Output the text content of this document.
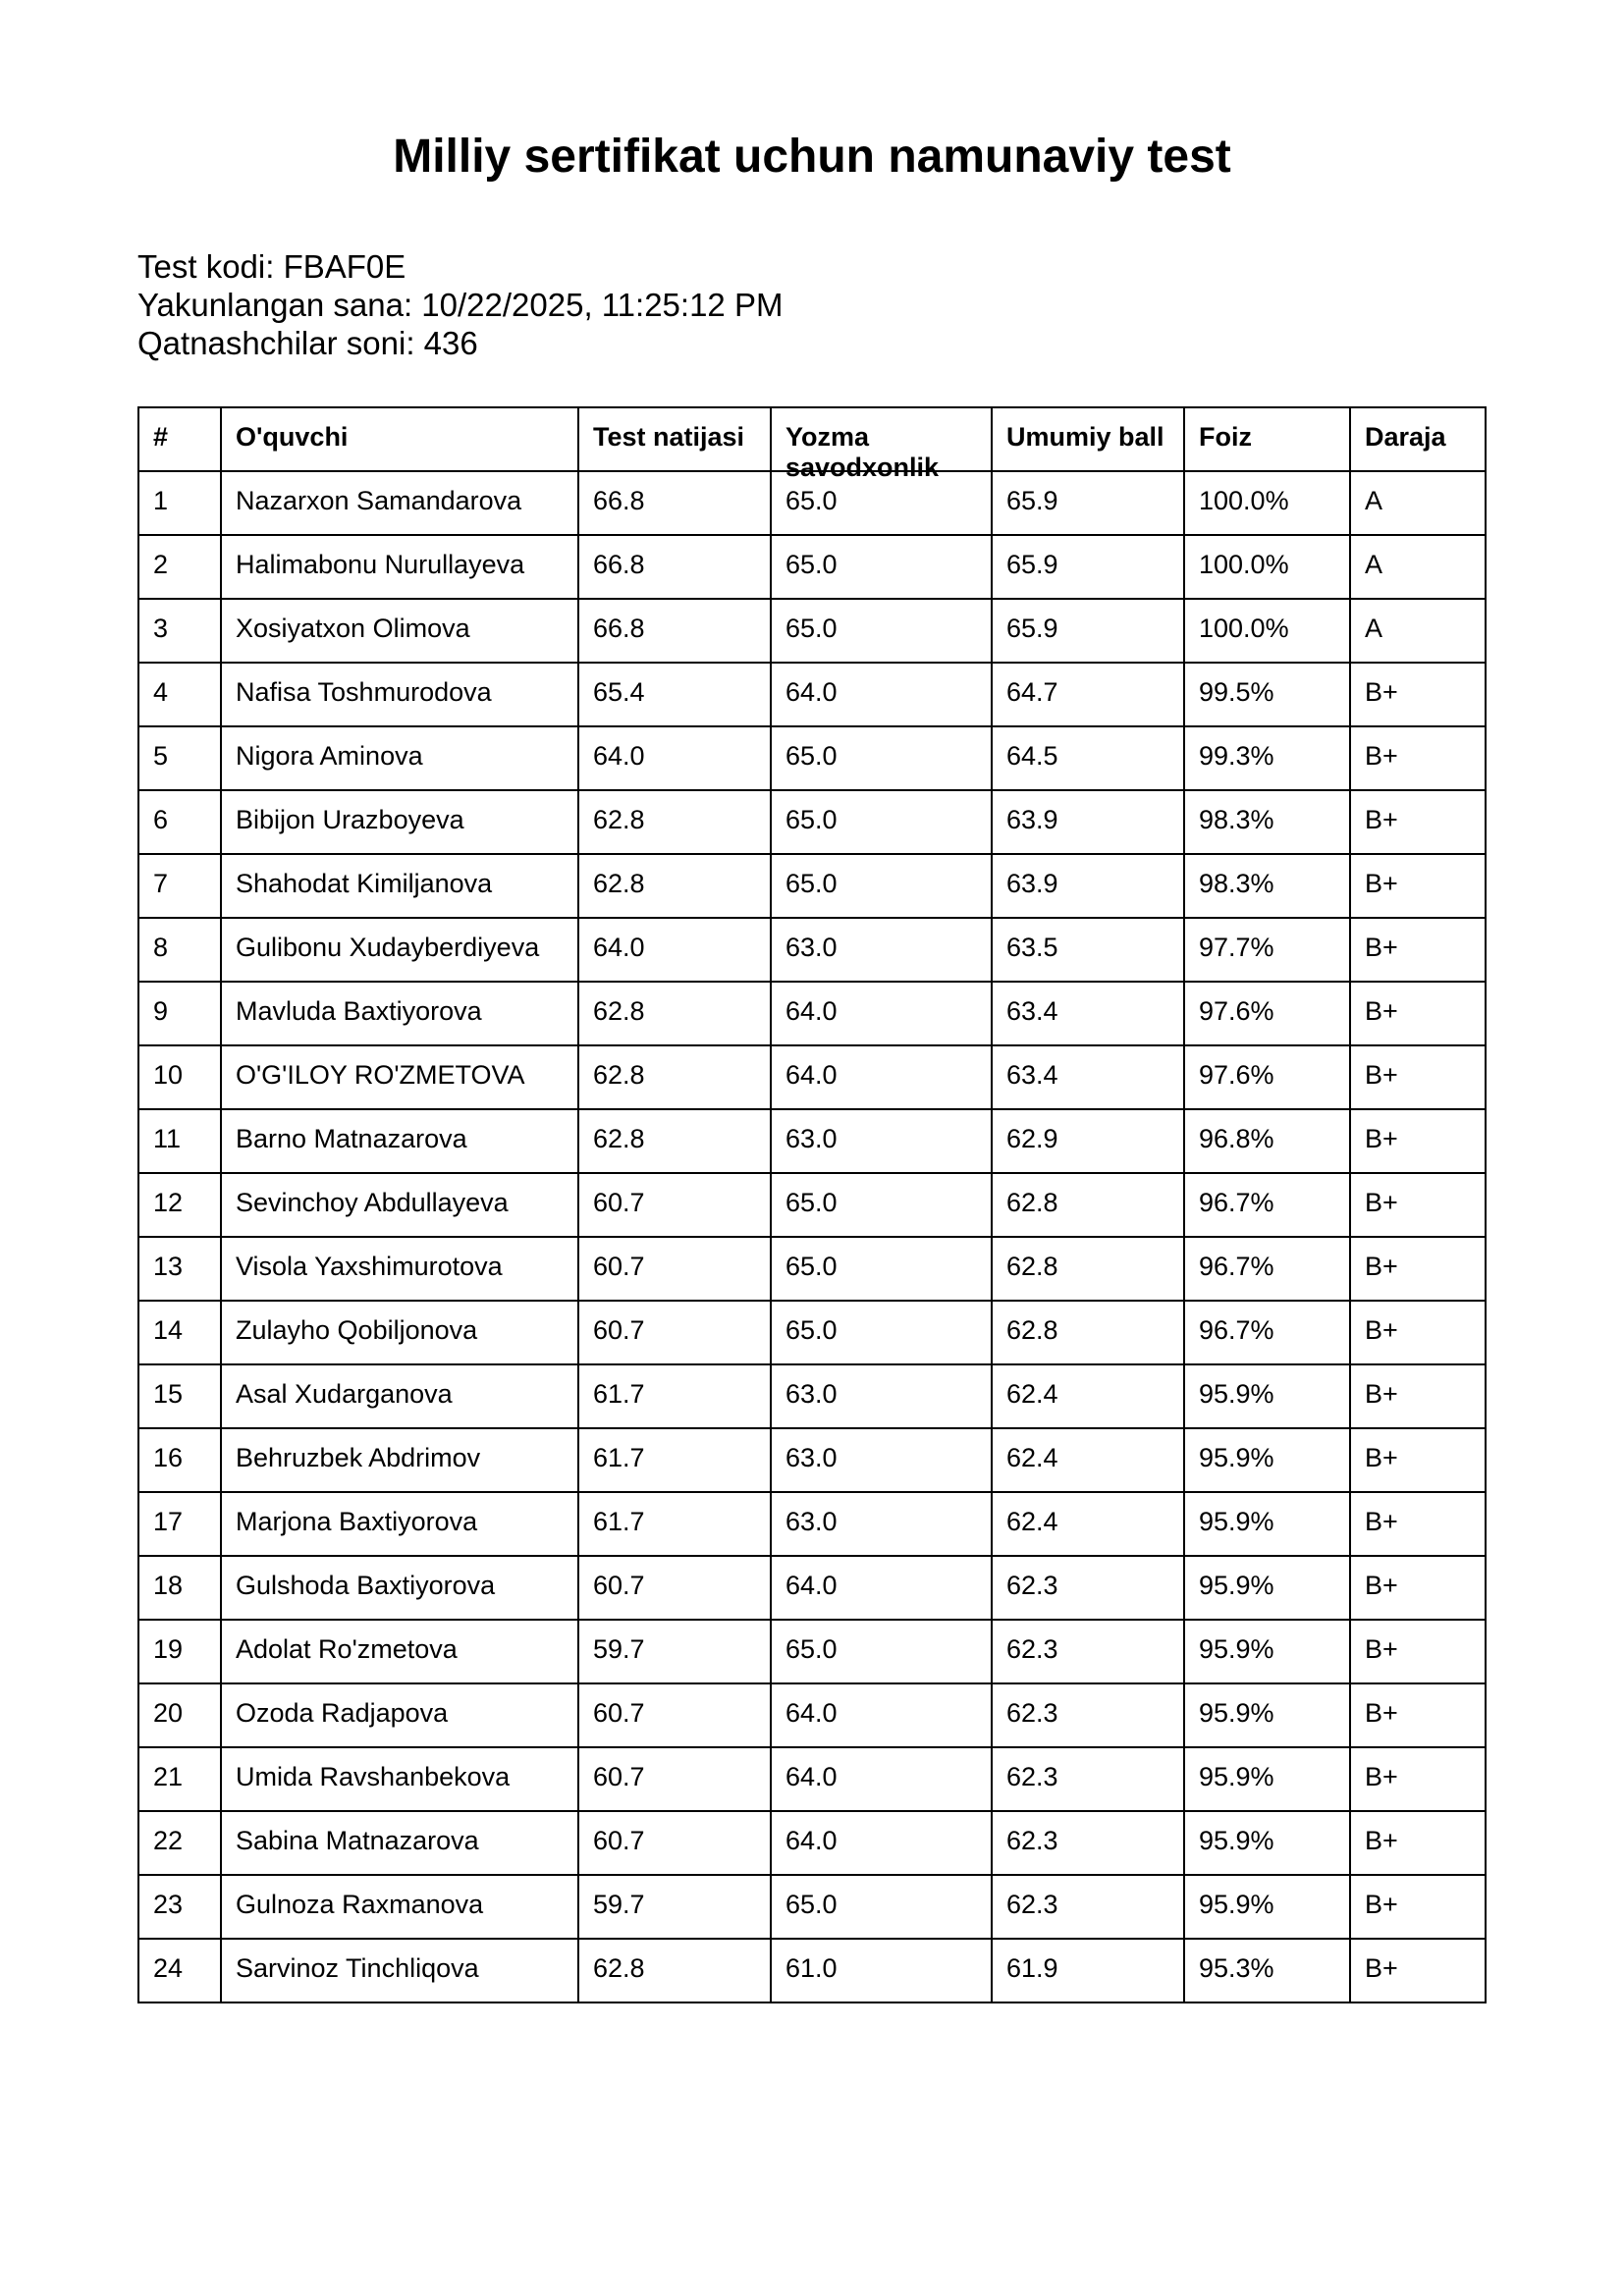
Milliy sertifikat uchun namunaviy test
Test kodi: FBAF0E
Yakunlangan sana: 10/22/2025, 11:25:12 PM
Qatnashchilar soni: 436
#	O'quvchi	Test natijasi	Yozma savodxonlik	Umumiy ball	Foiz	Daraja

1	Nazarxon Samandarova	66.8	65.0	65.9	100.0%	A
2	Halimabonu Nurullayeva	66.8	65.0	65.9	100.0%	A
3	Xosiyatxon Olimova	66.8	65.0	65.9	100.0%	A
4	Nafisa Toshmurodova	65.4	64.0	64.7	99.5%	B+
5	Nigora Aminova	64.0	65.0	64.5	99.3%	B+
6	Bibijon Urazboyeva	62.8	65.0	63.9	98.3%	B+
7	Shahodat Kimiljanova	62.8	65.0	63.9	98.3%	B+
8	Gulibonu Xudayberdiyeva	64.0	63.0	63.5	97.7%	B+
9	Mavluda Baxtiyorova	62.8	64.0	63.4	97.6%	B+
10	O'G'ILOY RO'ZMETOVA	62.8	64.0	63.4	97.6%	B+
11	Barno Matnazarova	62.8	63.0	62.9	96.8%	B+
12	Sevinchoy Abdullayeva	60.7	65.0	62.8	96.7%	B+
13	Visola Yaxshimurotova	60.7	65.0	62.8	96.7%	B+
14	Zulayho Qobiljonova	60.7	65.0	62.8	96.7%	B+
15	Asal Xudarganova	61.7	63.0	62.4	95.9%	B+
16	Behruzbek Abdrimov	61.7	63.0	62.4	95.9%	B+
17	Marjona Baxtiyorova	61.7	63.0	62.4	95.9%	B+
18	Gulshoda Baxtiyorova	60.7	64.0	62.3	95.9%	B+
19	Adolat Ro'zmetova	59.7	65.0	62.3	95.9%	B+
20	Ozoda Radjapova	60.7	64.0	62.3	95.9%	B+
21	Umida Ravshanbekova	60.7	64.0	62.3	95.9%	B+
22	Sabina Matnazarova	60.7	64.0	62.3	95.9%	B+
23	Gulnoza Raxmanova	59.7	65.0	62.3	95.9%	B+
24	Sarvinoz Tinchliqova	62.8	61.0	61.9	95.3%	B+
